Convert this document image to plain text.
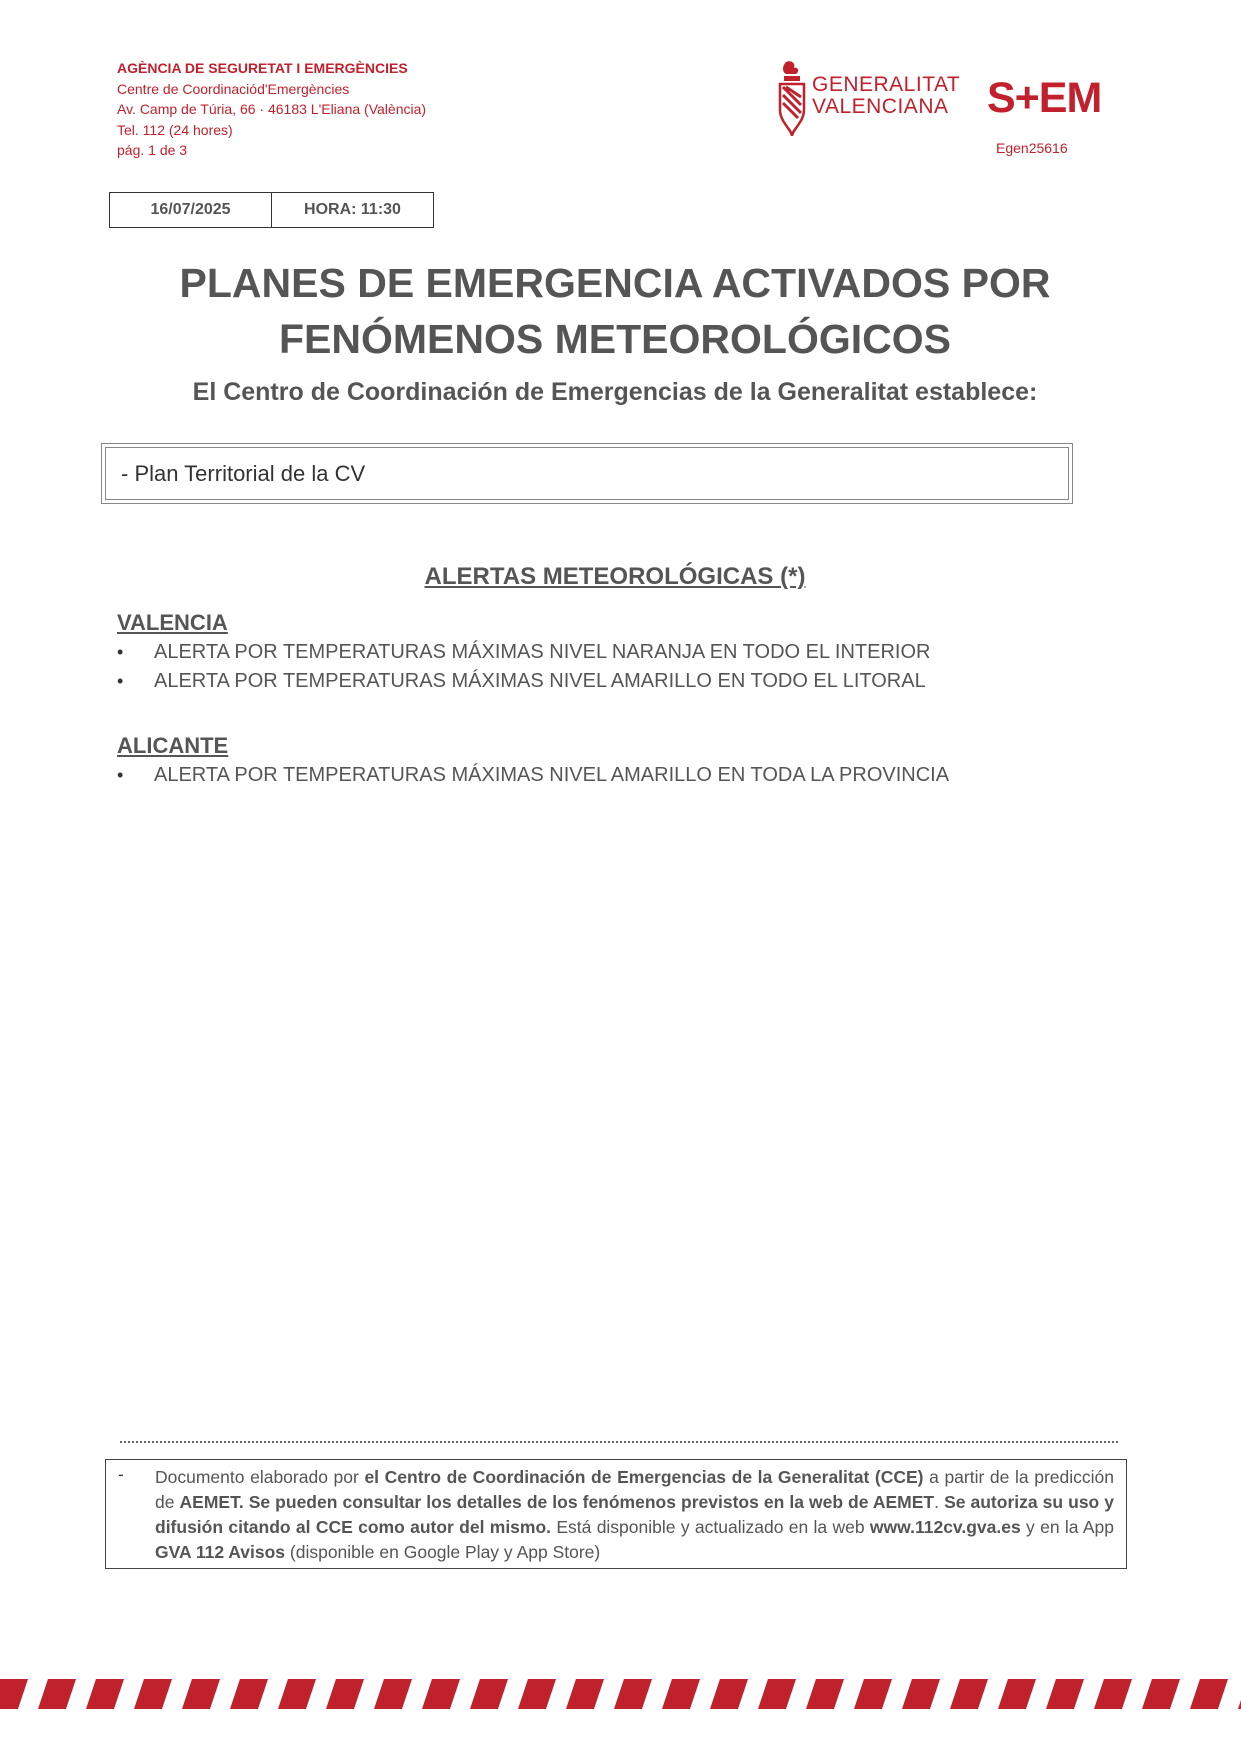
AGÈNCIA DE SEGURETAT I EMERGÈNCIES
Centre de Coordinaciód'Emergències
Av. Camp de Túria, 66 · 46183 L'Eliana (València)
Tel. 112 (24 hores)
pág. 1 de 3
GENERALITAT
VALENCIANA S+EM
Egen25616
16/07/2025	HORA: 11:30
PLANES DE EMERGENCIA ACTIVADOS POR
FENÓMENOS METEOROLÓGICOS
El Centro de Coordinación de Emergencias de la Generalitat establece:
- Plan Territorial de la CV
ALERTAS METEOROLÓGICAS (*)
VALENCIA
•	ALERTA POR TEMPERATURAS MÁXIMAS NIVEL NARANJA EN TODO EL INTERIOR
•	ALERTA POR TEMPERATURAS MÁXIMAS NIVEL AMARILLO EN TODO EL LITORAL
ALICANTE
•	ALERTA POR TEMPERATURAS MÁXIMAS NIVEL AMARILLO EN TODA LA PROVINCIA
-	Documento elaborado por el Centro de Coordinación de Emergencias de la Generalitat (CCE) a partir de la predicción de AEMET. Se pueden consultar los detalles de los fenómenos previstos en la web de AEMET. Se autoriza su uso y difusión citando al CCE como autor del mismo. Está disponible y actualizado en la web www.112cv.gva.es y en la App GVA 112 Avisos (disponible en Google Play y App Store)
